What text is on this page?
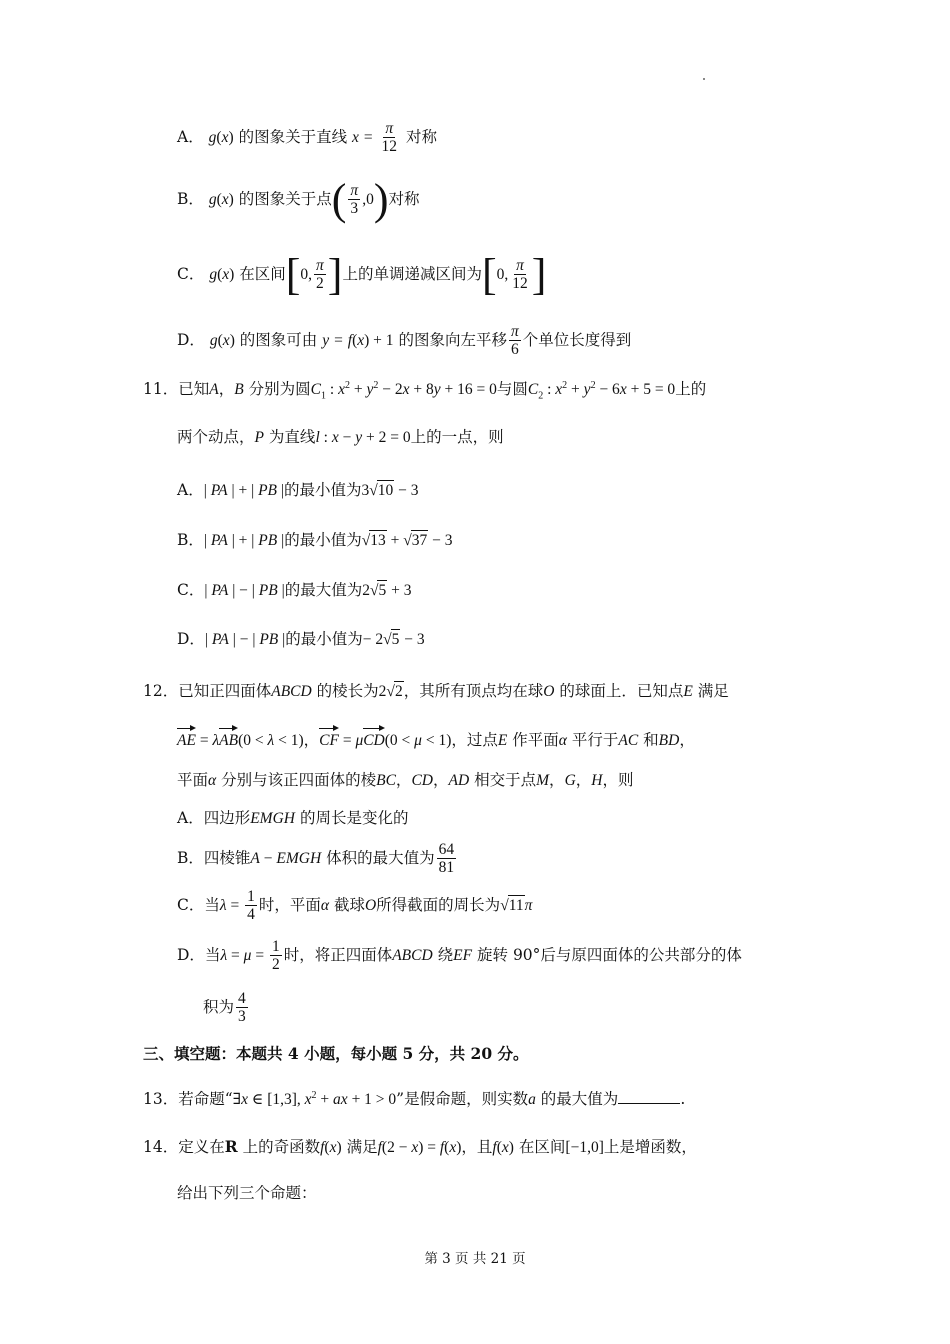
A． g(x) 的图象关于直线 $x = \frac{\pi}{12}$ 对称
B． g(x) 的图象关于点( $\frac{\pi}{3} ,0$)对称
C． g(x) 在区间[0, $\frac{\pi}{2}$ ]上的单调递减区间为[0, $\frac{\pi}{12}$ ]
D． g(x) 的图象可由 y = f(x) + 1 的图象向左平移 $\frac{\pi}{6}$ 个单位长度得到
11．已知A，B 分别为圆$C_1$ : $x^2 + y^2 - 2x + 8y + 16 = 0$与圆$C_2$ : $x^2 + y^2 - 6x + 5 = 0$上的
两个动点，P 为直线l : x − y + 2 = 0上的一点，则
A．| PA | + | PB |的最小值为3√10 − 3
B．| PA | + | PB |的最小值为√13 + √37 − 3
C．| PA | − | PB |的最大值为2√5 + 3
D．| PA | − | PB |的最小值为− 2√5 − 3
12．已知正四面体ABCD 的棱长为2√2，其所有顶点均在球O 的球面上．已知点E 满足
AE = λAB(0 < λ < 1)，CF = μCD(0 < μ < 1)，过点E 作平面α 平行于AC 和BD，
平面α 分别与该正四面体的棱BC，CD，AD 相交于点M，G，H，则
A．四边形EMGH 的周长是变化的
B．四棱锥A − EMGH 体积的最大值为 $\frac{64}{81}$
C．当$\lambda = \frac{1}{4}$ 时，平面α 截球O所得截面的周长为√11π
D．当$\lambda = \mu = \frac{1}{2}$ 时，将正四面体ABCD 绕EF 旋转 90°后与原四面体的公共部分的体
积为 $\frac{4}{3}$
三、填空题：本题共 4 小题，每小题 5 分，共 20 分。
13．若命题“∃x ∈ [1,3], $x^2$ + ax + 1 > 0”是假命题，则实数a 的最大值为	.
14．定义在R 上的奇函数f(x) 满足f(2 − x) = f(x)，且f(x) 在区间[−1,0]上是增函数，
给出下列三个命题：
第 3 页 共 21 页
